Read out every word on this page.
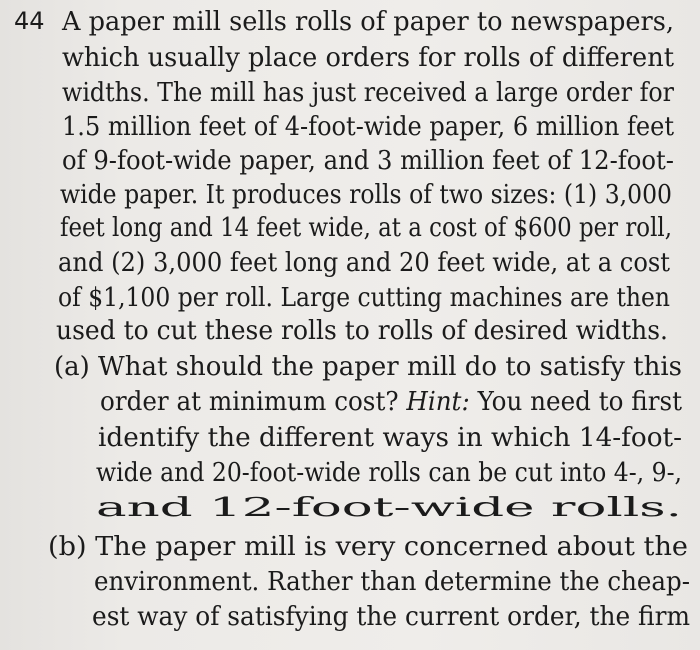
44 A paper mill sells rolls of paper to newspapers,
which usually place orders for rolls of different
widths. The mill has just received a large order for
1.5 million feet of 4-foot-wide paper, 6 million feet
of 9-foot-wide paper, and 3 million feet of 12-foot-
wide paper. It produces rolls of two sizes: (1) 3,000
feet long and 14 feet wide, at a cost of $600 per roll,
and (2) 3,000 feet long and 20 feet wide, at a cost
of $1,100 per roll. Large cutting machines are then
used to cut these rolls to rolls of desired widths.
(a) What should the paper mill do to satisfy this
order at minimum cost? Hint: You need to first
identify the different ways in which 14-foot-
wide and 20-foot-wide rolls can be cut into 4-, 9-,
and 12-foot-wide rolls.
(b) The paper mill is very concerned about the
environment. Rather than determine the cheap-
est way of satisfying the current order, the firm
